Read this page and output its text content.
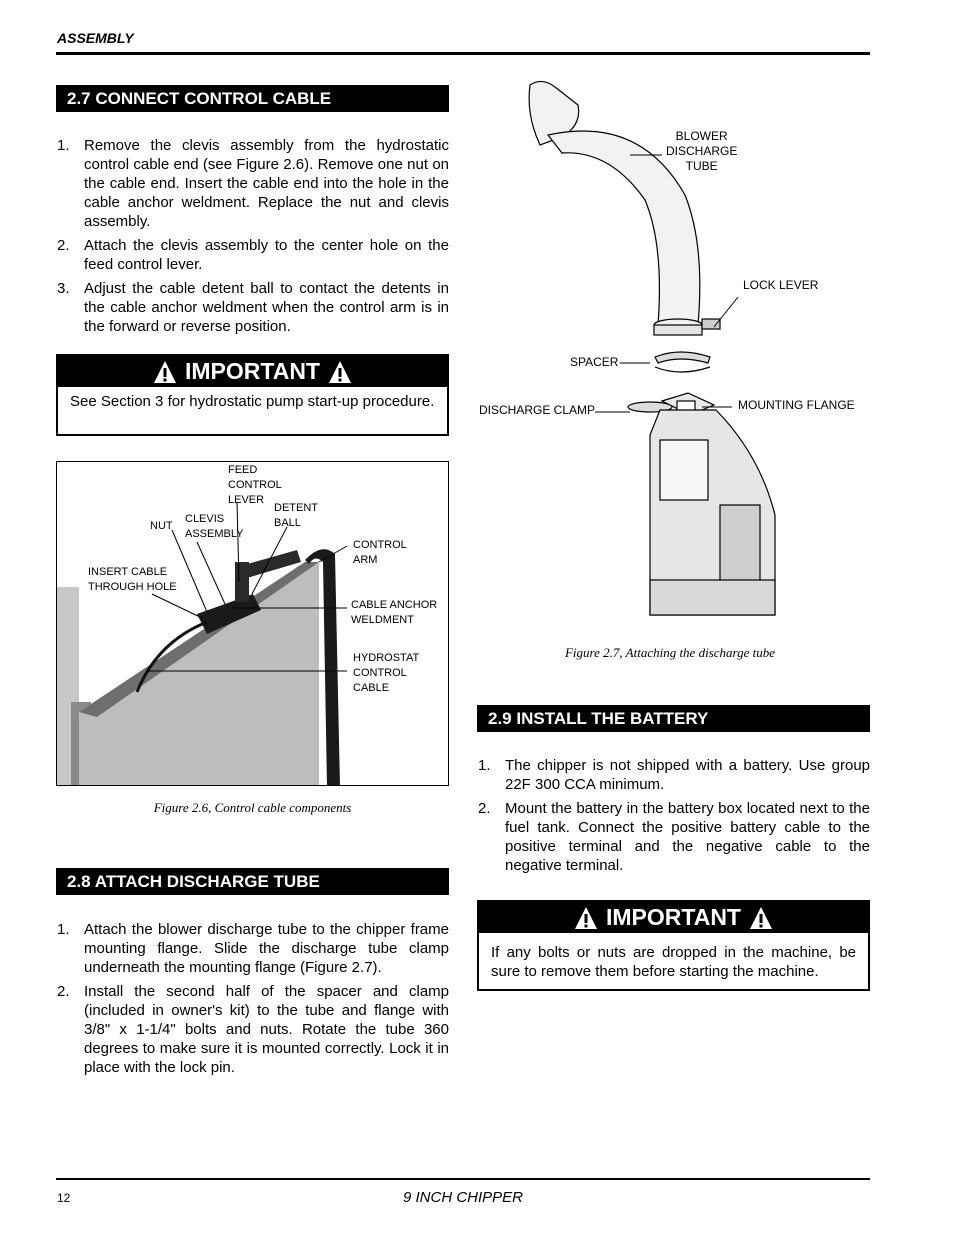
ASSEMBLY
2.7 CONNECT CONTROL CABLE
1. Remove the clevis assembly from the hydrostatic control cable end (see Figure 2.6). Remove one nut on the cable end. Insert the cable end into the hole in the cable anchor weldment. Replace the nut and clevis assembly.
2. Attach the clevis assembly to the center hole on the feed control lever.
3. Adjust the cable detent ball to contact the detents in the cable anchor weldment when the control arm is in the forward or reverse position.
IMPORTANT
See Section 3 for hydrostatic pump start-up procedure.
FEED
CONTROL
LEVER
DETENT
BALL
CLEVIS
ASSEMBLY
NUT
CONTROL
ARM
INSERT CABLE
THROUGH HOLE
CABLE ANCHOR
WELDMENT
HYDROSTAT
CONTROL
CABLE
Figure 2.6, Control cable components
2.8 ATTACH DISCHARGE TUBE
1. Attach the blower discharge tube to the chipper frame mounting flange. Slide the discharge tube clamp underneath the mounting flange (Figure 2.7).
2. Install the second half of the spacer and clamp (included in owner's kit) to the tube and flange with 3/8" x 1-1/4" bolts and nuts. Rotate the tube 360 degrees to make sure it is mounted correctly. Lock it in place with the lock pin.
BLOWER
DISCHARGE
TUBE
LOCK LEVER
SPACER
DISCHARGE CLAMP	MOUNTING FLANGE
Figure 2.7, Attaching the discharge tube
2.9 INSTALL THE BATTERY
1. The chipper is not shipped with a battery. Use group 22F 300 CCA minimum.
2. Mount the battery in the battery box located next to the fuel tank. Connect the positive battery cable to the positive terminal and the negative cable to the negative terminal.
IMPORTANT
If any bolts or nuts are dropped in the machine, be sure to remove them before starting the machine.
12	9 INCH CHIPPER
